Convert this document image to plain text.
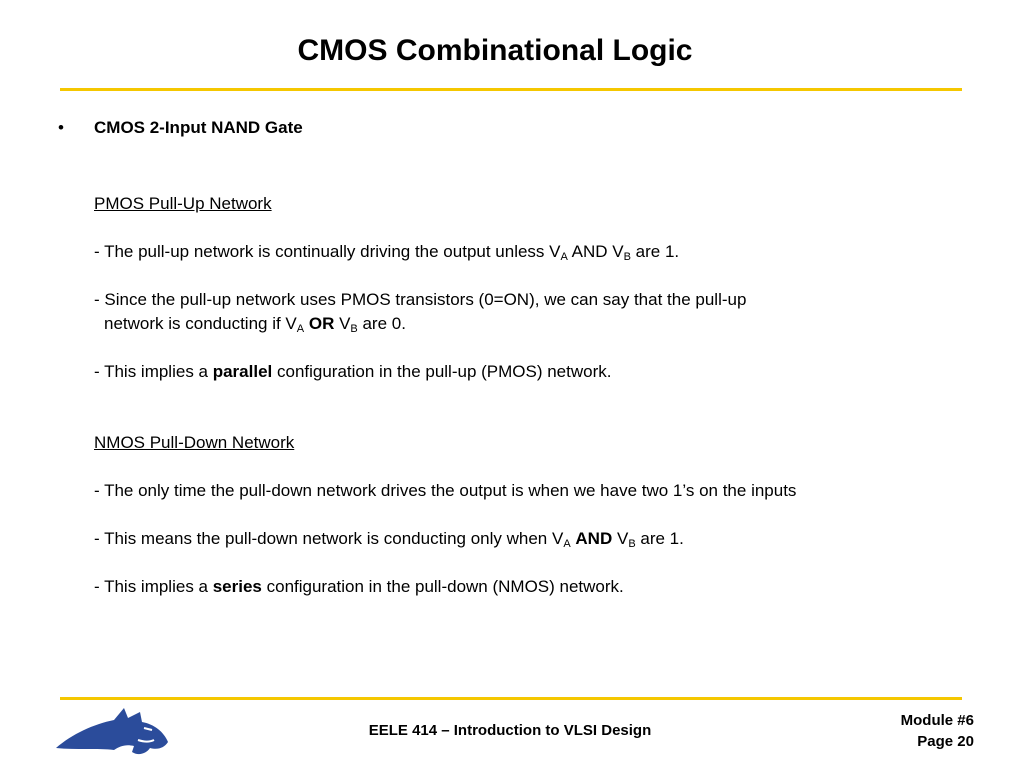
CMOS Combinational Logic
• CMOS 2-Input NAND Gate
PMOS Pull-Up Network
- The pull-up network is continually driving the output unless $V_A$ AND $V_B$ are 1.
- Since the pull-up network uses PMOS transistors (0=ON), we can say that the pull-up
network is conducting if $V_A$ OR $V_B$ are 0.
- This implies a parallel configuration in the pull-up (PMOS) network.
NMOS Pull-Down Network
- The only time the pull-down network drives the output is when we have two 1’s on the inputs
- This means the pull-down network is conducting only when $V_A$ AND $V_B$ are 1.
- This implies a series configuration in the pull-down (NMOS) network.
EELE 414 – Introduction to VLSI Design
Module #6
Page 20
